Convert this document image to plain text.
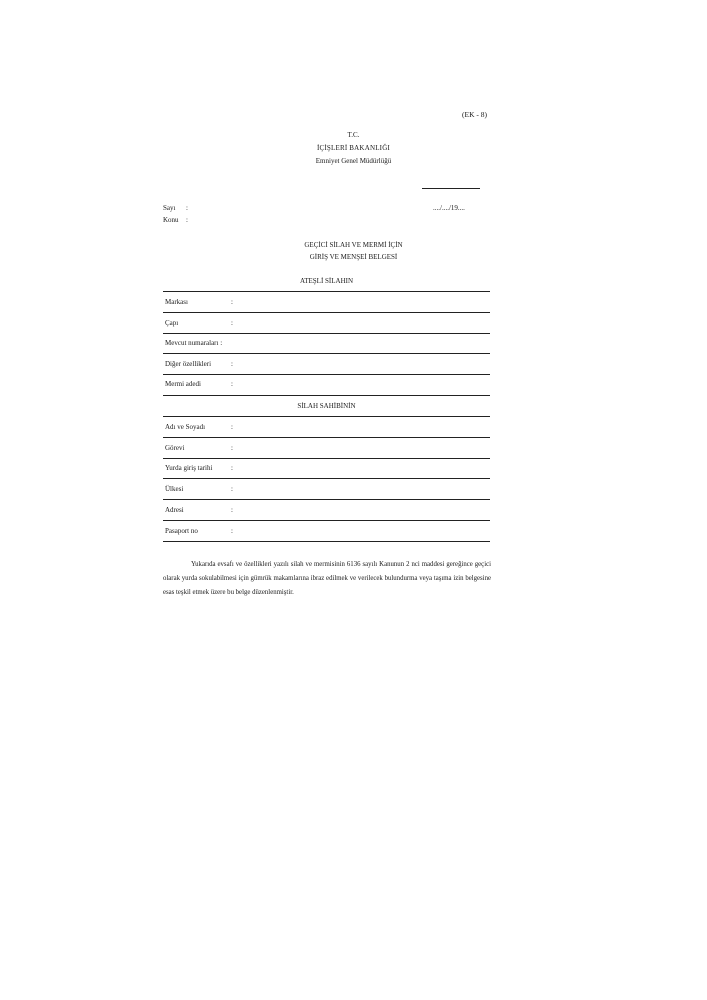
(EK - 8)
T.C.
İÇİŞLERİ BAKANLIĞI
Emniyet Genel Müdürlüğü
Sayı :
Konu :
..../..../19....
GEÇİCİ SİLAH VE MERMİ İÇİN
GİRİŞ VE MENŞEİ BELGESİ
ATEŞLİ SİLAHIN
Markası	:
Çapı	:
Mevcut numaraları :
Diğer özellikleri	:
Mermi adedi	:
SİLAH SAHİBİNİN
Adı ve Soyadı	:
Görevi	:
Yurda giriş tarihi	:
Ülkesi	:
Adresi	:
Pasaport no	:
Yukarıda evsafı ve özellikleri yazılı silah ve mermisinin 6136 sayılı Kanunun 2 nci maddesi gereğince geçici olarak yurda sokulabilmesi için gümrük makamlarına ibraz edilmek ve verilecek bulundurma veya taşıma izin belgesine esas teşkil etmek üzere bu belge düzenlenmiştir.
